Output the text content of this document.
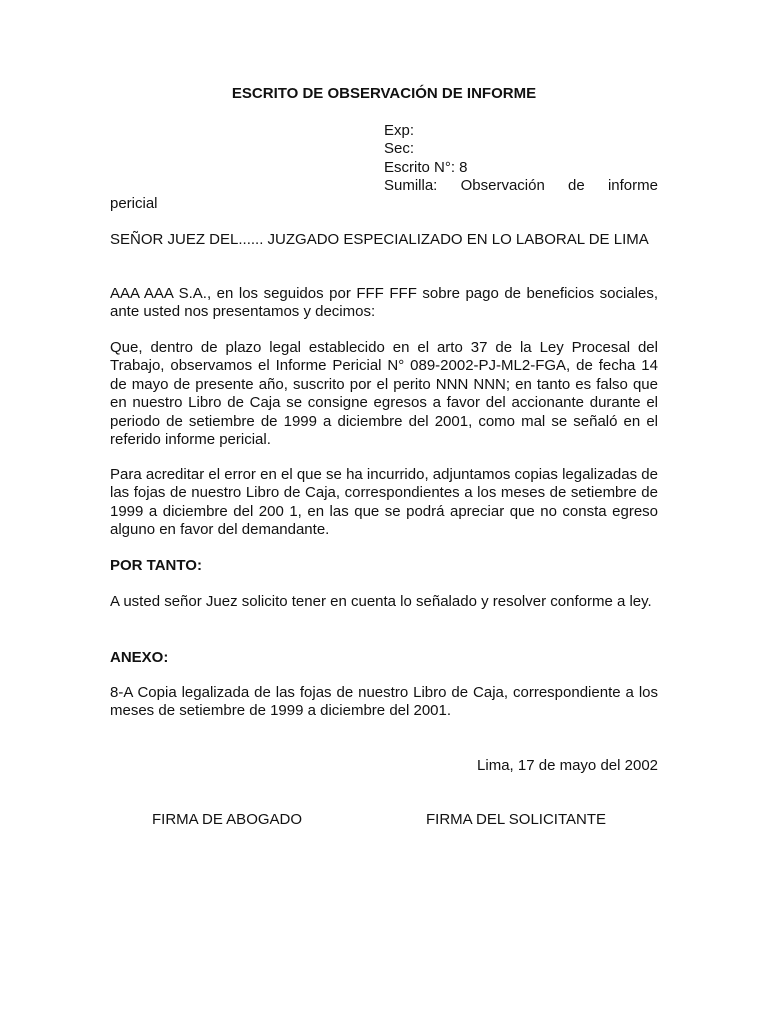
ESCRITO DE OBSERVACIÓN DE INFORME
Exp:
Sec:
Escrito N°: 8
Sumilla: Observación de informe
pericial

SEÑOR JUEZ DEL...... JUZGADO ESPECIALIZADO EN LO LABORAL DE LIMA

AAA AAA S.A., en los seguidos por FFF FFF sobre pago de beneficios sociales, ante usted nos presentamos y decimos:

Que, dentro de plazo legal establecido en el arto 37 de la Ley Procesal del Trabajo, observamos el Informe Pericial N° 089-2002-PJ-ML2-FGA, de fecha 14 de mayo de presente año, suscrito por el perito NNN NNN; en tanto es falso que en nuestro Libro de Caja se consigne egresos a favor del accionante durante el periodo de setiembre de 1999 a diciembre del 2001, como mal se señaló en el referido informe pericial.

Para acreditar el error en el que se ha incurrido, adjuntamos copias legalizadas de las fojas de nuestro Libro de Caja, correspondientes a los meses de setiembre de 1999 a diciembre del 200 1, en las que se podrá apreciar que no consta egreso alguno en favor del demandante.

POR TANTO:

A usted señor Juez solicito tener en cuenta lo señalado y resolver conforme a ley.

ANEXO:

8-A Copia legalizada de las fojas de nuestro Libro de Caja, correspondiente a los meses de setiembre de 1999 a diciembre del 2001.

Lima, 17 de mayo del 2002
FIRMA DE ABOGADO	FIRMA DEL SOLICITANTE
